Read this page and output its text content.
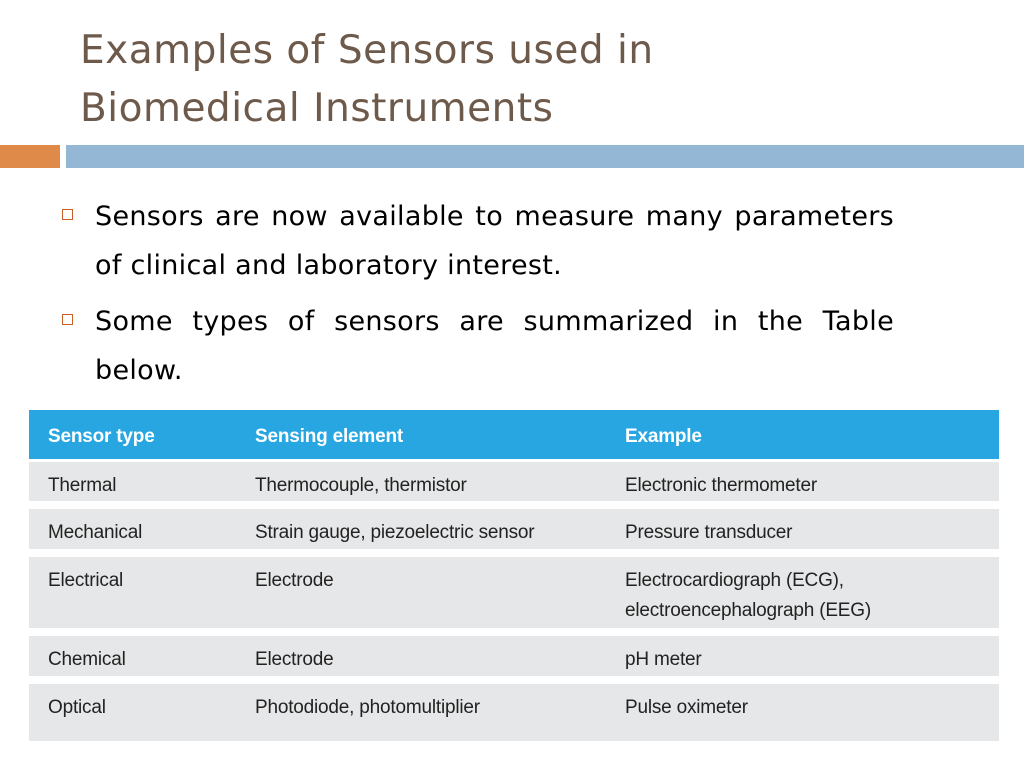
Examples of Sensors used in
Biomedical Instruments
Sensors are now available to measure many parameters of clinical and laboratory interest.
Some types of sensors are summarized in the Table below.
Sensor type	Sensing element	Example
Thermal	Thermocouple, thermistor	Electronic thermometer
Mechanical	Strain gauge, piezoelectric sensor	Pressure transducer
Electrical	Electrode	Electrocardiograph (ECG),
electroencephalograph (EEG)
Chemical	Electrode	pH meter
Optical	Photodiode, photomultiplier	Pulse oximeter
